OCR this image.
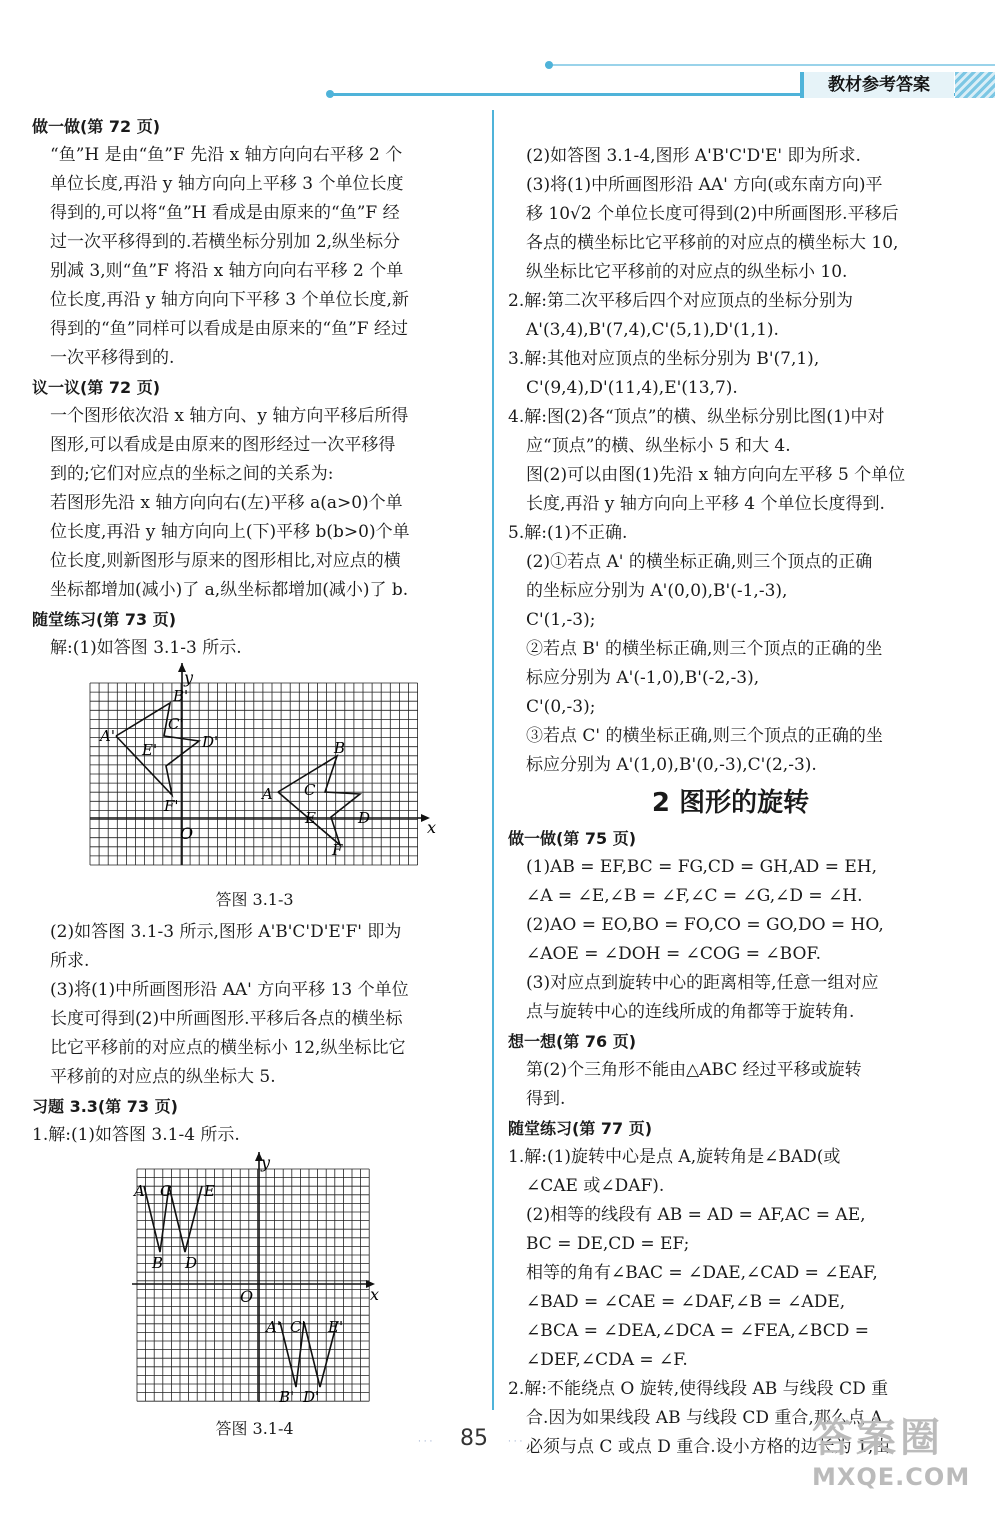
教材参考答案

做一做(第 72 页)

“鱼”H 是由“鱼”F 先沿 x 轴方向向右平移 2 个

单位长度,再沿 y 轴方向向上平移 3 个单位长度

得到的,可以将“鱼”H 看成是由原来的“鱼”F 经

过一次平移得到的.若横坐标分别加 2,纵坐标分

别减 3,则“鱼”F 将沿 x 轴方向向右平移 2 个单

位长度,再沿 y 轴方向向下平移 3 个单位长度,新

得到的“鱼”同样可以看成是由原来的“鱼”F 经过

一次平移得到的.

议一议(第 72 页)

一个图形依次沿 x 轴方向、y 轴方向平移后所得

图形,可以看成是由原来的图形经过一次平移得

到的;它们对应点的坐标之间的关系为:

若图形先沿 x 轴方向向右(左)平移 a(a>0)个单

位长度,再沿 y 轴方向向上(下)平移 b(b>0)个单

位长度,则新图形与原来的图形相比,对应点的横

坐标都增加(减小)了 a,纵坐标都增加(减小)了 b.

随堂练习(第 73 页)

解:(1)如答图 3.1-3 所示.

y
x
O
A'
B'
C'
D'
E'
F'
A
B
C
D
E
F

答图 3.1-3

(2)如答图 3.1-3 所示,图形 A'B'C'D'E'F' 即为

所求.

(3)将(1)中所画图形沿 AA' 方向平移 13 个单位

长度可得到(2)中所画图形.平移后各点的横坐标

比它平移前的对应点的横坐标小 12,纵坐标比它

平移前的对应点的纵坐标大 5.

习题 3.3(第 73 页)

1.解:(1)如答图 3.1-4 所示.

y
x
O
A
B
C
D
E
A'
B'
C'
D'
E'

答图 3.1-4

(2)如答图 3.1-4,图形 A'B'C'D'E' 即为所求.

(3)将(1)中所画图形沿 AA' 方向(或东南方向)平

移 10√2 个单位长度可得到(2)中所画图形.平移后

各点的横坐标比它平移前的对应点的横坐标大 10,

纵坐标比它平移前的对应点的纵坐标小 10.

2.解:第二次平移后四个对应顶点的坐标分别为

A'(3,4),B'(7,4),C'(5,1),D'(1,1).

3.解:其他对应顶点的坐标分别为 B'(7,1),

C'(9,4),D'(11,4),E'(13,7).

4.解:图(2)各“顶点”的横、纵坐标分别比图(1)中对

应“顶点”的横、纵坐标小 5 和大 4.

图(2)可以由图(1)先沿 x 轴方向向左平移 5 个单位

长度,再沿 y 轴方向向上平移 4 个单位长度得到.

5.解:(1)不正确.

(2)①若点 A' 的横坐标正确,则三个顶点的正确

的坐标应分别为 A'(0,0),B'(-1,-3),

C'(1,-3);

②若点 B' 的横坐标正确,则三个顶点的正确的坐

标应分别为 A'(-1,0),B'(-2,-3),

C'(0,-3);

③若点 C' 的横坐标正确,则三个顶点的正确的坐

标应分别为 A'(1,0),B'(0,-3),C'(2,-3).

2 图形的旋转

做一做(第 75 页)

(1)AB = EF,BC = FG,CD = GH,AD = EH,

∠A = ∠E,∠B = ∠F,∠C = ∠G,∠D = ∠H.

(2)AO = EO,BO = FO,CO = GO,DO = HO,

∠AOE = ∠DOH = ∠COG = ∠BOF.

(3)对应点到旋转中心的距离相等,任意一组对应

点与旋转中心的连线所成的角都等于旋转角.

想一想(第 76 页)

第(2)个三角形不能由△ABC 经过平移或旋转

得到.

随堂练习(第 77 页)

1.解:(1)旋转中心是点 A,旋转角是∠BAD(或

∠CAE 或∠DAF).

(2)相等的线段有 AB = AD = AF,AC = AE,

BC = DE,CD = EF;

相等的角有∠BAC = ∠DAE,∠CAD = ∠EAF,

∠BAD = ∠CAE = ∠DAF,∠B = ∠ADE,

∠BCA = ∠DEA,∠DCA = ∠FEA,∠BCD =

∠DEF,∠CDA = ∠F.

2.解:不能绕点 O 旋转,使得线段 AB 与线段 CD 重

合.因为如果线段 AB 与线段 CD 重合,那么点 A

必须与点 C 或点 D 重合.设小方格的边长为 1,由

· · · 85 · · ·	答案圈
MXQE.COM
